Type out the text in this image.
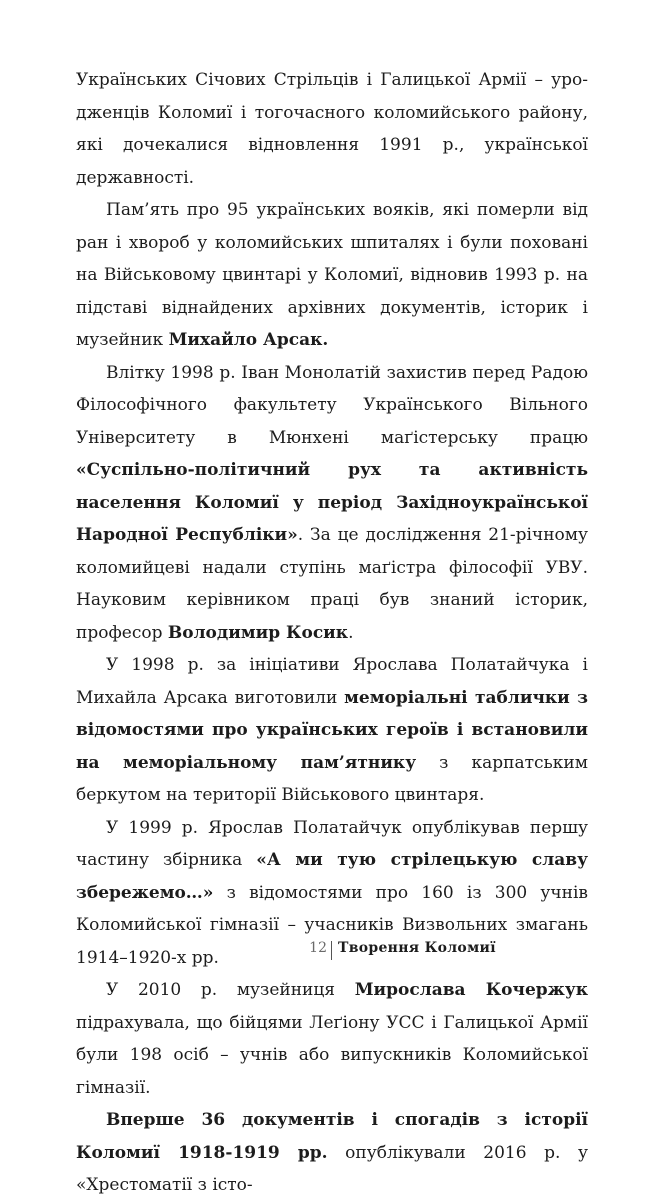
Українських Січових Стрільців і Галицької Армії – уродженців Коломиї і тогочасного коломийського району, які дочекалися відновлення 1991 р., української державності.

Пам’ять про 95 українських вояків, які померли від ран і хвороб у коломийських шпиталях і були поховані на Військовому цвинтарі у Коломиї, відновив 1993 р. на підставі віднайдених архівних документів, історик і музейник Михайло Арсак.

Влітку 1998 р. Іван Монолатій захистив перед Радою Філософічного факультету Українського Вільного Університету в Мюнхені маґістерську працю «Суспільно-політичний рух та активність населення Коломиї у період Західноукраїнської Народної Республіки». За це дослідження 21-річному коломийцеві надали ступінь маґістра філософії УВУ. Науковим керівником праці був знаний історик, професор Володимир Косик.

У 1998 р. за ініціативи Ярослава Полатайчука і Михайла Арсака виготовили меморіальні таблички з відомостями про українських героїв і встановили на меморіальному пам’ятнику з карпатським беркутом на території Військового цвинтаря.

У 1999 р. Ярослав Полатайчук опублікував першу частину збірника «А ми тую стрілецькую славу збережемо…» з відомостями про 160 із 300 учнів Коломийської гімназії – учасників Визвольних змагань 1914–1920-х рр.

У 2010 р. музейниця Мирослава Кочержук підрахувала, що бійцями Леґіону УСС і Галицької Армії були 198 осіб – учнів або випускників Коломийської гімназії.

Вперше 36 документів і спогадів з історії Коломиї 1918-1919 рр. опублікували 2016 р. у «Хрестоматії з істо-

12 Творення Коломиї
